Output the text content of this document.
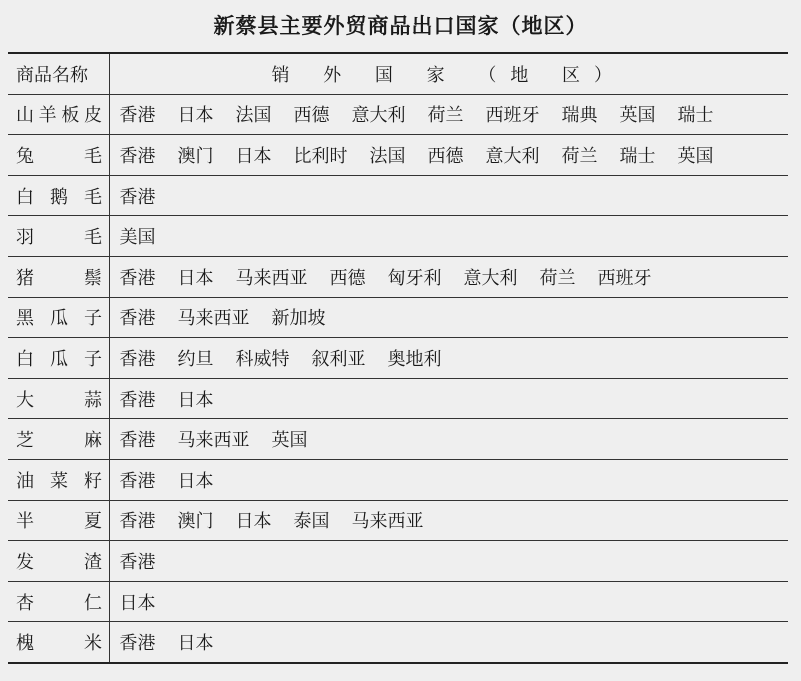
新蔡县主要外贸商品出口国家（地区）
商品名称	销 外 国 家 （地 区）

山 羊 板 皮	香港 日本 法国 西德 意大利 荷兰 西班牙 瑞典 英国 瑞士

兔 毛	香港 澳门 日本 比利时 法国 西德 意大利 荷兰 瑞士 英国

白 鹅 毛	香港

羽 毛	美国

猪 鬃	香港 日本 马来西亚 西德 匈牙利 意大利 荷兰 西班牙

黑 瓜 子	香港 马来西亚 新加坡

白 瓜 子	香港 约旦 科威特 叙利亚 奥地利

大 蒜	香港 日本

芝 麻	香港 马来西亚 英国

油 菜 籽	香港 日本

半 夏	香港 澳门 日本 泰国 马来西亚

发 渣	香港

杏 仁	日本

槐 米	香港 日本
